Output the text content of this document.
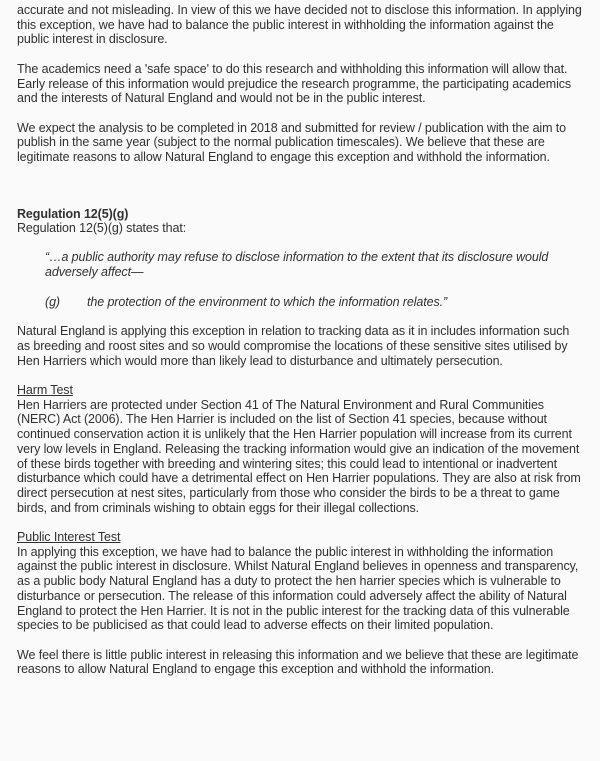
accurate and not misleading. In view of this we have decided not to disclose this information. In applying this exception, we have had to balance the public interest in withholding the information against the public interest in disclosure.

The academics need a 'safe space' to do this research and withholding this information will allow that. Early release of this information would prejudice the research programme, the participating academics and the interests of Natural England and would not be in the public interest.

We expect the analysis to be completed in 2018 and submitted for review / publication with the aim to publish in the same year (subject to the normal publication timescales). We believe that these are legitimate reasons to allow Natural England to engage this exception and withhold the information.

Regulation 12(5)(g)

Regulation 12(5)(g) states that:

“…a public authority may refuse to disclose information to the extent that its disclosure would adversely affect—

(g)	the protection of the environment to which the information relates.”

Natural England is applying this exception in relation to tracking data as it in includes information such as breeding and roost sites and so would compromise the locations of these sensitive sites utilised by Hen Harriers which would more than likely lead to disturbance and ultimately persecution.

Harm Test

Hen Harriers are protected under Section 41 of The Natural Environment and Rural Communities (NERC) Act (2006). The Hen Harrier is included on the list of Section 41 species, because without continued conservation action it is unlikely that the Hen Harrier population will increase from its current very low levels in England. Releasing the tracking information would give an indication of the movement of these birds together with breeding and wintering sites; this could lead to intentional or inadvertent disturbance which could have a detrimental effect on Hen Harrier populations. They are also at risk from direct persecution at nest sites, particularly from those who consider the birds to be a threat to game birds, and from criminals wishing to obtain eggs for their illegal collections.

Public Interest Test

In applying this exception, we have had to balance the public interest in withholding the information against the public interest in disclosure. Whilst Natural England believes in openness and transparency, as a public body Natural England has a duty to protect the hen harrier species which is vulnerable to disturbance or persecution. The release of this information could adversely affect the ability of Natural England to protect the Hen Harrier. It is not in the public interest for the tracking data of this vulnerable species to be publicised as that could lead to adverse effects on their limited population.

We feel there is little public interest in releasing this information and we believe that these are legitimate reasons to allow Natural England to engage this exception and withhold the information.
